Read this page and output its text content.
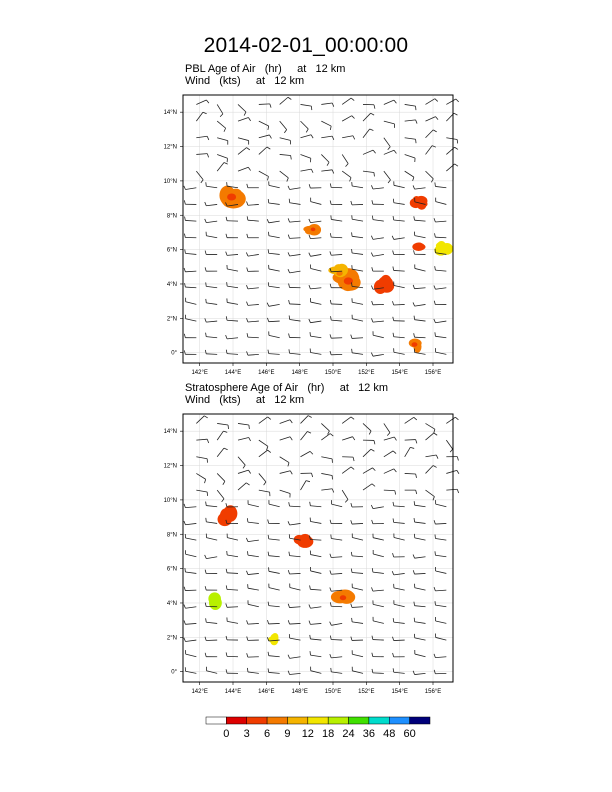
2014-02-01_00:00:00
PBL Age of Air (hr) at 12 km
Wind (kts) at 12 km
Stratosphere Age of Air (hr) at 12 km
Wind (kts) at 12 km
142°E	144°E	146°E	148°E	150°E	152°E	154°E	156°E
0°
2°N
4°N
6°N
8°N
10°N
12°N
14°N
142°E	144°E	146°E	148°E	150°E	152°E	154°E	156°E
0°
2°N
4°N
6°N
8°N
10°N
12°N
14°N
0 3 6 9 12 18 24 36 48 60
